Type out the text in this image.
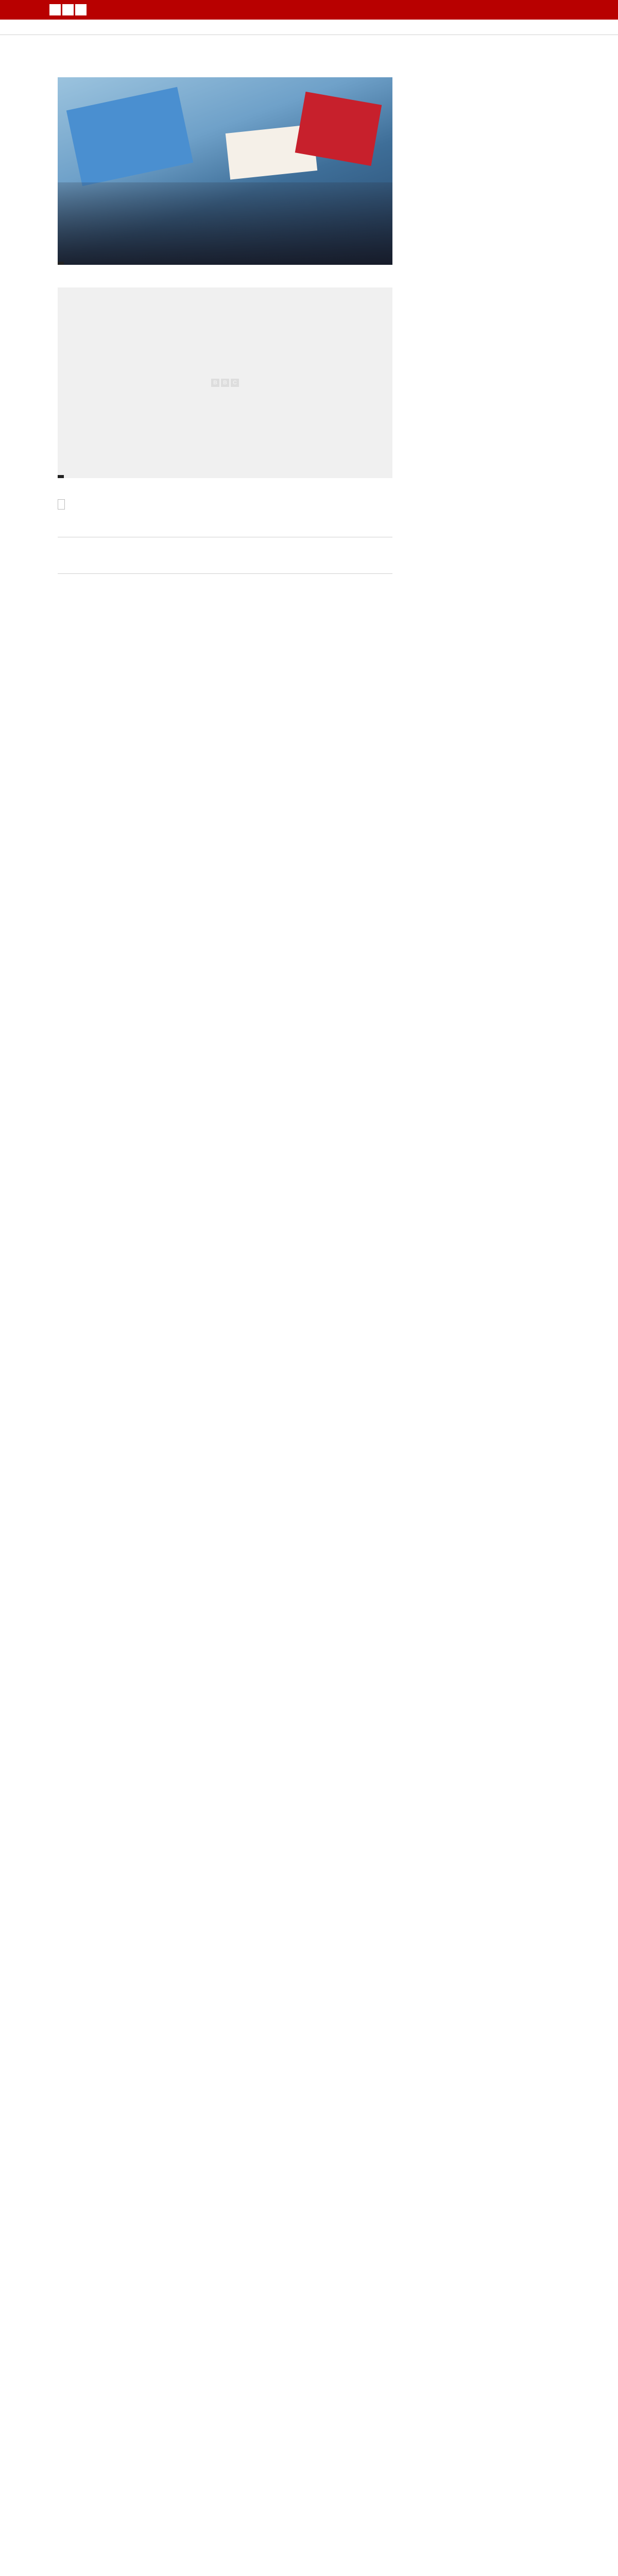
B	B	C
